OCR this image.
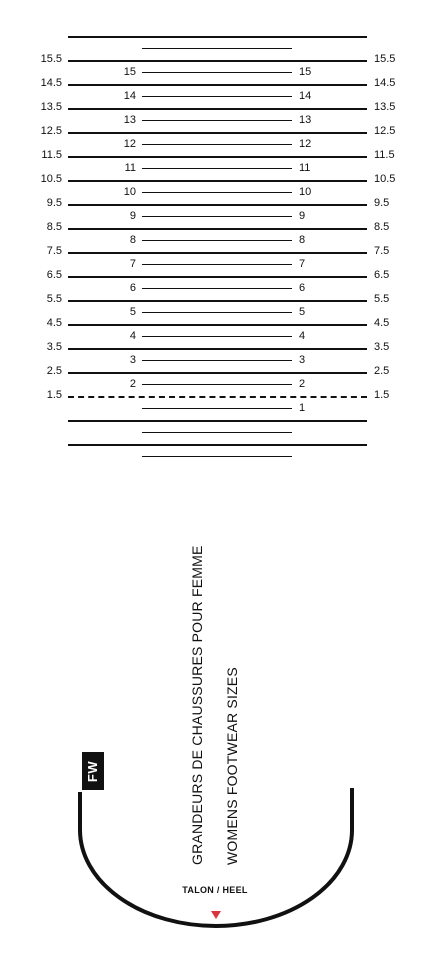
15.5	15.5
14.5	14.5
13.5	13.5
12.5	12.5
11.5	11.5
10.5	10.5
9.5	9.5
8.5	8.5
7.5	7.5
6.5	6.5
5.5	5.5
4.5	4.5
3.5	3.5
2.5	2.5
1.5	1.5
15	15
14	14
13	13
12	12
11	11
10	10
9	9
8	8
7	7
6	6
5	5
4	4
3	3
2	2
1
GRANDEURS DE CHAUSSURES POUR FEMME WOMENS FOOTWEAR SIZES
FW
TALON / HEEL
